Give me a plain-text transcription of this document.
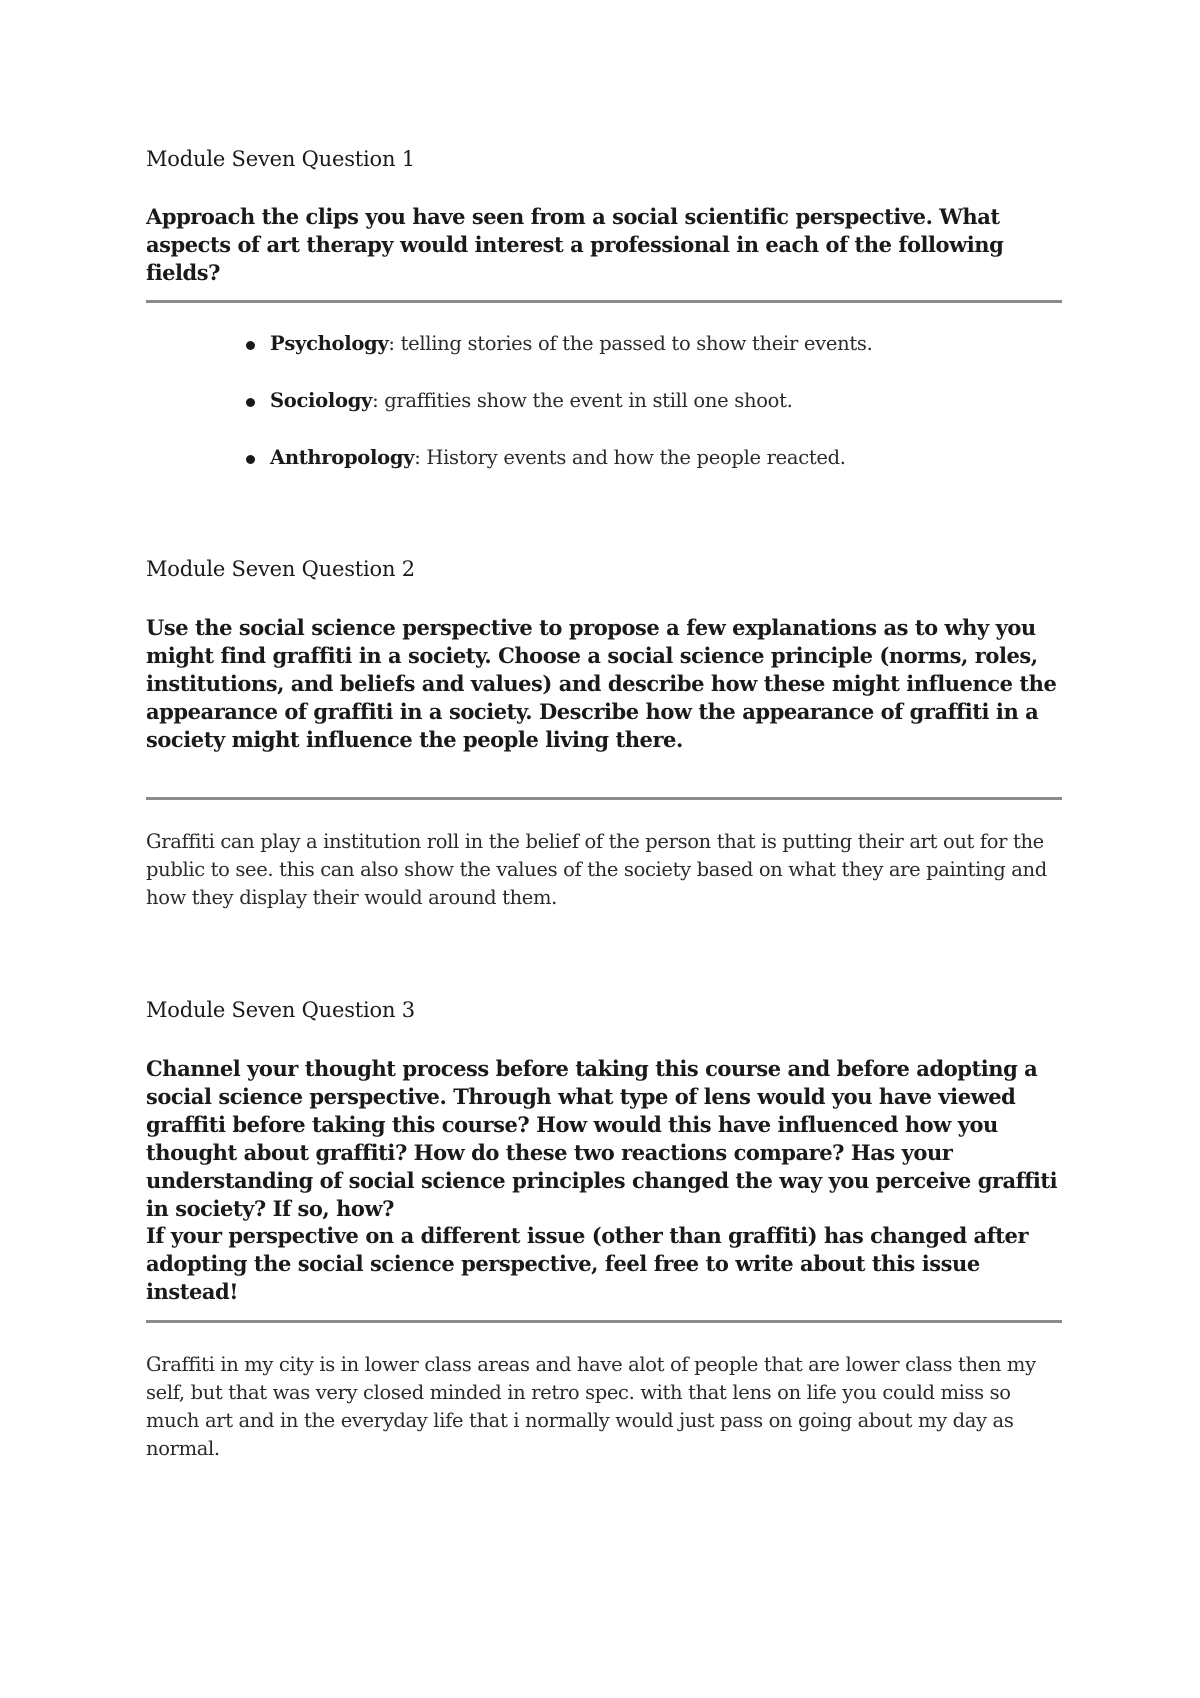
Module Seven Question 1

Approach the clips you have seen from a social scientific perspective. What aspects of art therapy would interest a professional in each of the following fields?

Psychology: telling stories of the passed to show their events.
Sociology: graffities show the event in still one shoot.
Anthropology: History events and how the people reacted.
Module Seven Question 2

Use the social science perspective to propose a few explanations as to why you might find graffiti in a society. Choose a social science principle (norms, roles, institutions, and beliefs and values) and describe how these might influence the appearance of graffiti in a society. Describe how the appearance of graffiti in a society might influence the people living there.

Graffiti can play a institution roll in the belief of the person that is putting their art out for the public to see. this can also show the values of the society based on what they are painting and how they display their would around them.

Module Seven Question 3

Channel your thought process before taking this course and before adopting a social science perspective. Through what type of lens would you have viewed graffiti before taking this course? How would this have influenced how you thought about graffiti? How do these two reactions compare? Has your understanding of social science principles changed the way you perceive graffiti in society? If so, how?

If your perspective on a different issue (other than graffiti) has changed after adopting the social science perspective, feel free to write about this issue instead!

Graffiti in my city is in lower class areas and have alot of people that are lower class then my self, but that was very closed minded in retro spec. with that lens on life you could miss so much art and in the everyday life that i normally would just pass on going about my day as normal.
